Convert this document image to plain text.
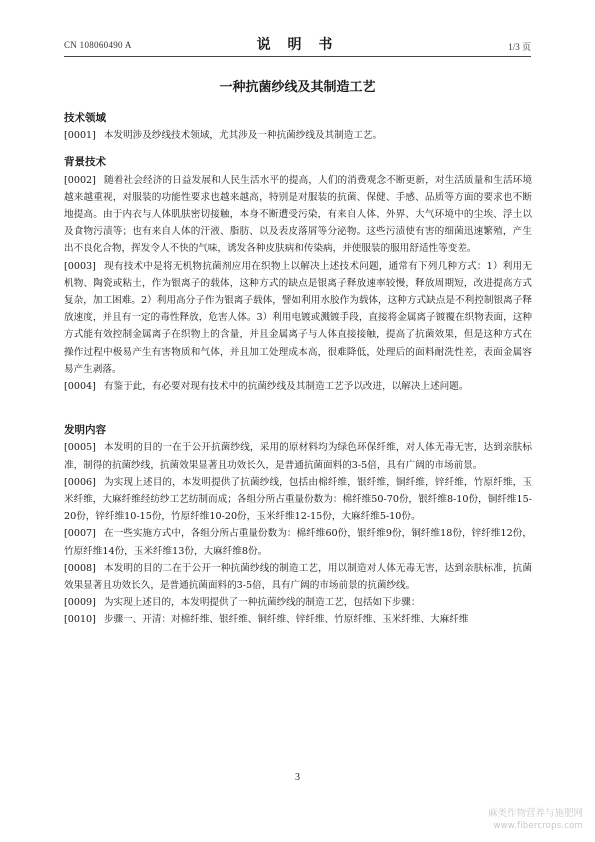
CN 108060490 A	说 明 书	1/3 页
一种抗菌纱线及其制造工艺

技术领域

[0001] 本发明涉及纱线技术领域，尤其涉及一种抗菌纱线及其制造工艺。

背景技术

[0002] 随着社会经济的日益发展和人民生活水平的提高，人们的消费观念不断更新，对生活质量和生活环境越来越重视，对服装的功能性要求也越来越高，特别是对服装的抗菌、保健、手感、品质等方面的要求也不断地提高。由于内衣与人体肌肤密切接触，本身不断遭受污染，有来自人体、外界、大气环境中的尘埃、浮土以及食物污渍等；也有来自人体的汗液、脂肪、以及表皮落屑等分泌物。这些污渍使有害的细菌迅速繁殖，产生出不良化合物，挥发令人不快的气味，诱发各种皮肤病和传染病，并使服装的服用舒适性等变差。

[0003] 现有技术中是将无机物抗菌剂应用在织物上以解决上述技术问题，通常有下列几种方式：1）利用无机物、陶瓷或粘土，作为银离子的载体，这种方式的缺点是银离子释放速率较慢，释放周期短，改进提高方式复杂，加工困难。2）利用高分子作为银离子载体，譬如利用水胶作为载体，这种方式缺点是不利控制银离子释放速度，并且有一定的毒性释放，危害人体。3）利用电镀或溅镀手段，直接将金属离子镀覆在织物表面，这种方式能有效控制金属离子在织物上的含量，并且金属离子与人体直接接触，提高了抗菌效果，但是这种方式在操作过程中极易产生有害物质和气体，并且加工处理成本高，很难降低，处理后的面料耐洗性差，表面金属容易产生剥落。

[0004] 有鉴于此，有必要对现有技术中的抗菌纱线及其制造工艺予以改进，以解决上述问题。

发明内容

[0005] 本发明的目的一在于公开抗菌纱线，采用的原材料均为绿色环保纤维，对人体无毒无害，达到亲肤标准，制得的抗菌纱线，抗菌效果显著且功效长久，是普通抗菌面料的3-5倍，具有广阔的市场前景。

[0006] 为实现上述目的，本发明提供了抗菌纱线，包括由棉纤维，银纤维，铜纤维，锌纤维，竹原纤维，玉米纤维，大麻纤维经纺纱工艺纺制而成；各组分所占重量份数为：棉纤维50-70份，银纤维8-10份，铜纤维15-20份，锌纤维10-15份，竹原纤维10-20份，玉米纤维12-15份，大麻纤维5-10份。

[0007] 在一些实施方式中，各组分所占重量份数为：棉纤维60份，银纤维9份，铜纤维18份，锌纤维12份，竹原纤维14份，玉米纤维13份，大麻纤维8份。

[0008] 本发明的目的二在于公开一种抗菌纱线的制造工艺，用以制造对人体无毒无害，达到亲肤标准，抗菌效果显著且功效长久，是普通抗菌面料的3-5倍，具有广阔的市场前景的抗菌纱线。

[0009] 为实现上述目的，本发明提供了一种抗菌纱线的制造工艺，包括如下步骤：

[0010] 步骤一、开清：对棉纤维、银纤维、铜纤维、锌纤维、竹原纤维、玉米纤维、大麻纤维

3
麻类作物营养与施肥网
www.fibercrops.com
